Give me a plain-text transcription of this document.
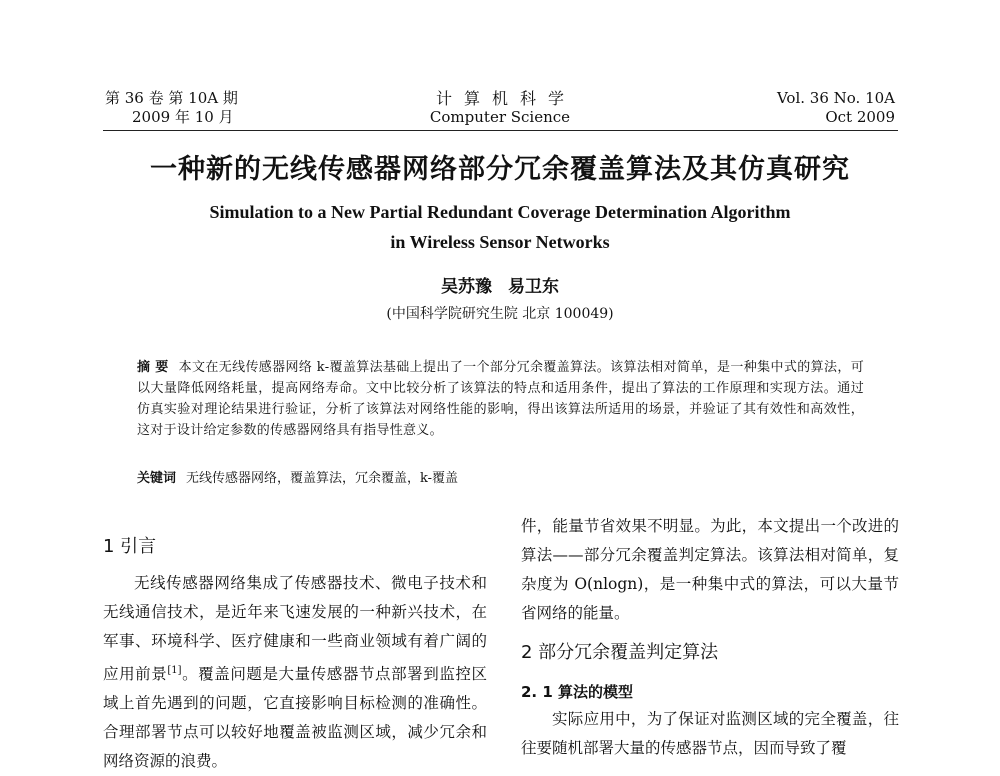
第 36 卷 第 10A 期
2009 年 10 月
计算机科学
Computer Science
Vol. 36 No. 10A
Oct 2009
一种新的无线传感器网络部分冗余覆盖算法及其仿真研究
Simulation to a New Partial Redundant Coverage Determination Algorithm
in Wireless Sensor Networks
吴苏豫 易卫东
(中国科学院研究生院 北京 100049)
摘 要 本文在无线传感器网络 k-覆盖算法基础上提出了一个部分冗余覆盖算法。该算法相对简单，是一种集中式的算法，可以大量降低网络耗量，提高网络寿命。文中比较分析了该算法的特点和适用条件，提出了算法的工作原理和实现方法。通过仿真实验对理论结果进行验证，分析了该算法对网络性能的影响，得出该算法所适用的场景，并验证了其有效性和高效性，这对于设计给定参数的传感器网络具有指导性意义。
关键词 无线传感器网络，覆盖算法，冗余覆盖，k-覆盖
1 引言
无线传感器网络集成了传感器技术、微电子技术和无线通信技术，是近年来飞速发展的一种新兴技术，在军事、环境科学、医疗健康和一些商业领域有着广阔的应用前景[1]。覆盖问题是大量传感器节点部署到监控区域上首先遇到的问题，它直接影响目标检测的准确性。合理部署节点可以较好地覆盖被监测区域，减少冗余和网络资源的浪费。
件，能量节省效果不明显。为此，本文提出一个改进的算法——部分冗余覆盖判定算法。该算法相对简单，复杂度为 O(nlogn)，是一种集中式的算法，可以大量节省网络的能量。
2 部分冗余覆盖判定算法
2. 1 算法的模型
实际应用中，为了保证对监测区域的完全覆盖，往往要随机部署大量的传感器节点，因而导致了覆
